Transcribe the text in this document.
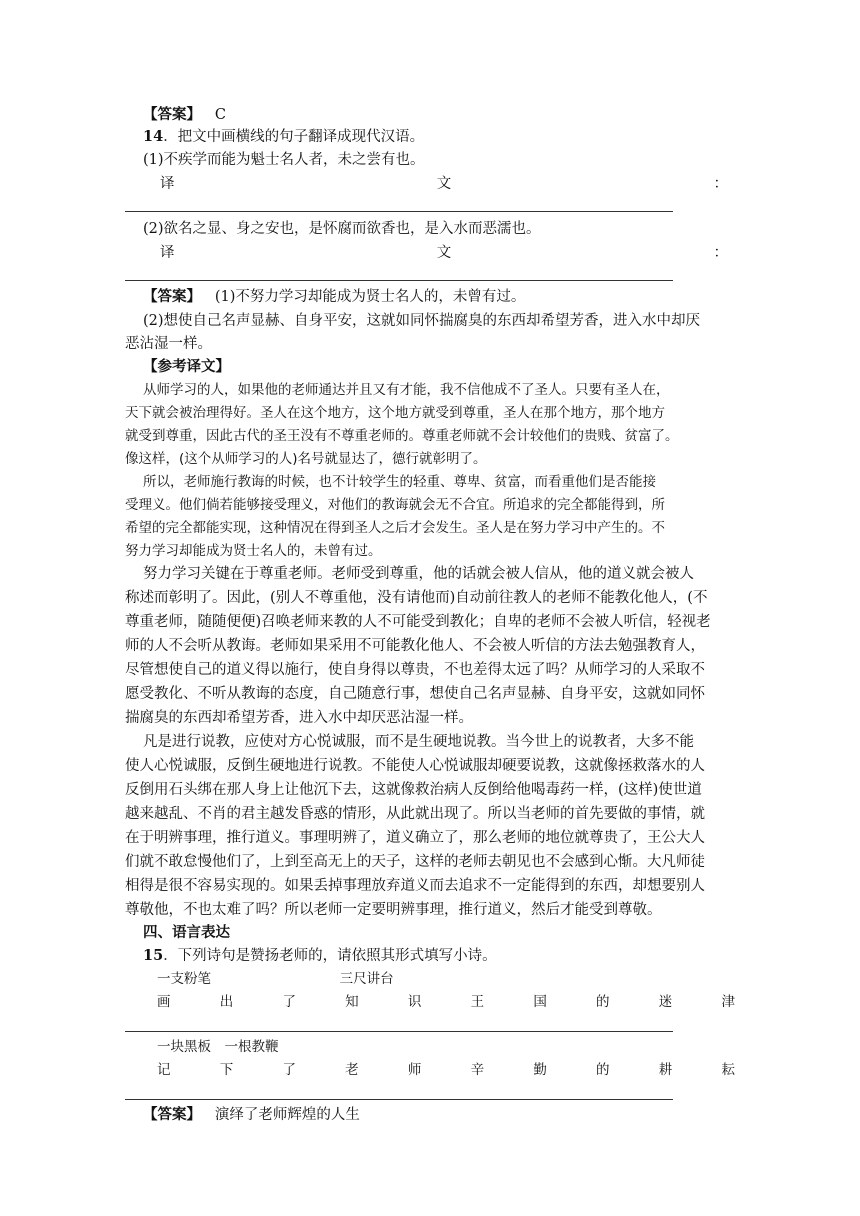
【答案】 C
14．把文中画横线的句子翻译成现代汉语。
(1)不疾学而能为魁士名人者，未之尝有也。
译	文	：
(2)欲名之显、身之安也，是怀腐而欲香也，是入水而恶濡也。
译	文	：
【答案】 (1)不努力学习却能成为贤士名人的，未曾有过。
(2)想使自己名声显赫、自身平安，这就如同怀揣腐臭的东西却希望芳香，进入水中却厌
恶沾湿一样。
【参考译文】
从师学习的人，如果他的老师通达并且又有才能，我不信他成不了圣人。只要有圣人在，
天下就会被治理得好。圣人在这个地方，这个地方就受到尊重，圣人在那个地方，那个地方
就受到尊重，因此古代的圣王没有不尊重老师的。尊重老师就不会计较他们的贵贱、贫富了。
像这样，(这个从师学习的人)名号就显达了，德行就彰明了。
所以，老师施行教诲的时候，也不计较学生的轻重、尊卑、贫富，而看重他们是否能接
受理义。他们倘若能够接受理义，对他们的教诲就会无不合宜。所追求的完全都能得到，所
希望的完全都能实现，这种情况在得到圣人之后才会发生。圣人是在努力学习中产生的。不
努力学习却能成为贤士名人的，未曾有过。
努力学习关键在于尊重老师。老师受到尊重，他的话就会被人信从，他的道义就会被人
称述而彰明了。因此，(别人不尊重他，没有请他而)自动前往教人的老师不能教化他人，(不
尊重老师，随随便便)召唤老师来教的人不可能受到教化；自卑的老师不会被人听信，轻视老
师的人不会听从教诲。老师如果采用不可能教化他人、不会被人听信的方法去勉强教育人，
尽管想使自己的道义得以施行，使自身得以尊贵，不也差得太远了吗？从师学习的人采取不
愿受教化、不听从教诲的态度，自己随意行事，想使自己名声显赫、自身平安，这就如同怀
揣腐臭的东西却希望芳香，进入水中却厌恶沾湿一样。
凡是进行说教，应使对方心悦诚服，而不是生硬地说教。当今世上的说教者，大多不能
使人心悦诚服，反倒生硬地进行说教。不能使人心悦诚服却硬要说教，这就像拯救落水的人
反倒用石头绑在那人身上让他沉下去，这就像救治病人反倒给他喝毒药一样，(这样)使世道
越来越乱、不肖的君主越发昏惑的情形，从此就出现了。所以当老师的首先要做的事情，就
在于明辨事理，推行道义。事理明辨了，道义确立了，那么老师的地位就尊贵了，王公大人
们就不敢怠慢他们了，上到至高无上的天子，这样的老师去朝见也不会感到心惭。大凡师徒
相得是很不容易实现的。如果丢掉事理放弃道义而去追求不一定能得到的东西，却想要别人
尊敬他，不也太难了吗？所以老师一定要明辨事理，推行道义，然后才能受到尊敬。
四、语言表达
15．下列诗句是赞扬老师的，请依照其形式填写小诗。
一支粉笔	三尺讲台
画	出	了	知	识	王	国	的	迷	津
一块黑板　一根教鞭
记	下	了	老	师	辛	勤	的	耕	耘
【答案】 演绎了老师辉煌的人生
